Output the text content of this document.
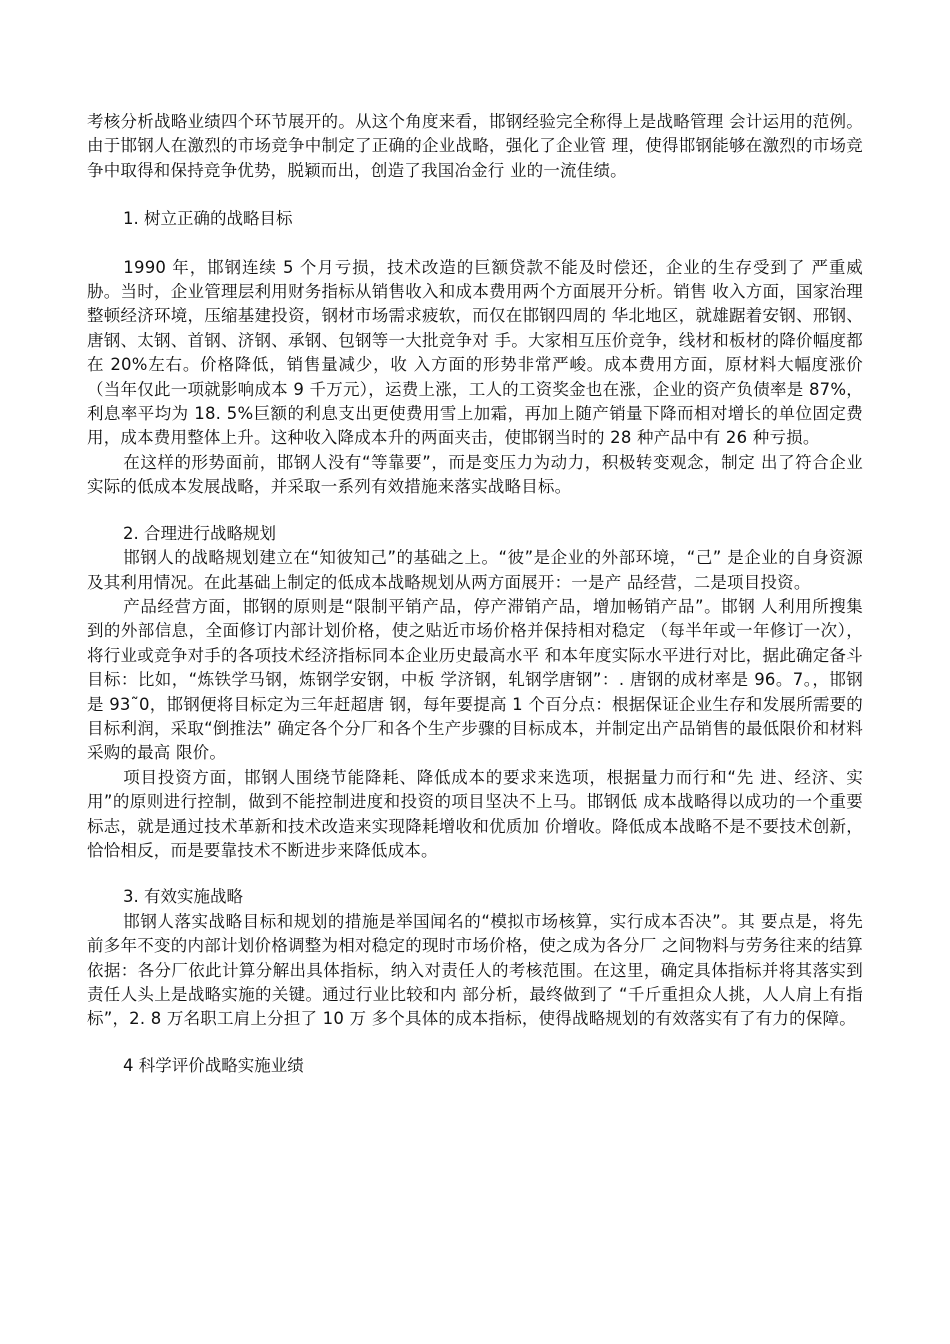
考核分析战略业绩四个环节展开的。从这个角度来看，邯钢经验完全称得上是战略管理 会计运用的范例。由于邯钢人在激烈的市场竞争中制定了正确的企业战略，强化了企业管 理，使得邯钢能够在激烈的市场竞争中取得和保持竞争优势，脱颖而出，创造了我国冶金行 业的一流佳绩。

1. 树立正确的战略目标

1990 年，邯钢连续 5 个月亏损，技术改造的巨额贷款不能及时偿还，企业的生存受到了 严重威胁。当时，企业管理层利用财务指标从销售收入和成本费用两个方面展开分析。销售 收入方面，国家治理整顿经济环境，压缩基建投资，钢材市场需求疲软，而仅在邯钢四周的 华北地区，就雄踞着安钢、邢钢、唐钢、太钢、首钢、济钢、承钢、包钢等一大批竞争对 手。大家相互压价竞争，线材和板材的降价幅度都在 20%左右。价格降低，销售量减少，收 入方面的形势非常严峻。成本费用方面，原材料大幅度涨价（当年仅此一项就影响成本 9 千万元），运费上涨，工人的工资奖金也在涨，企业的资产负债率是 87%，利息率平均为 18. 5%巨额的利息支出更使费用雪上加霜，再加上随产销量下降而相对增长的单位固定费用，成本费用整体上升。这种收入降成本升的两面夹击，使邯钢当时的 28 种产品中有 26 种亏损。

在这样的形势面前，邯钢人没有“等靠要”，而是变压力为动力，积极转变观念，制定 出了符合企业实际的低成本发展战略，并采取一系列有效措施来落实战略目标。

2. 合理进行战略规划

邯钢人的战略规划建立在“知彼知己”的基础之上。“彼”是企业的外部环境，“己” 是企业的自身资源及其利用情况。在此基础上制定的低成本战略规划从两方面展开：一是产 品经营，二是项目投资。

产品经营方面，邯钢的原则是“限制平销产品，停产滞销产品，增加畅销产品”。邯钢 人利用所搜集到的外部信息，全面修订内部计划价格，使之贴近市场价格并保持相对稳定 （每半年或一年修订一次），将行业或竞争对手的各项技术经济指标同本企业历史最高水平 和本年度实际水平进行对比，据此确定备斗目标：比如，“炼铁学马钢，炼钢学安钢，中板 学济钢，轧钢学唐钢”：. 唐钢的成材率是 96。7。，邯钢是 93˜0，邯钢便将目标定为三年赶超唐 钢，每年要提高 1 个百分点：根据保证企业生存和发展所需要的目标利润，采取“倒推法” 确定各个分厂和各个生产步骤的目标成本，并制定出产品销售的最低限价和材料采购的最高 限价。

项目投资方面，邯钢人围绕节能降耗、降低成本的要求来选项，根据量力而行和“先 进、经济、实用”的原则进行控制，做到不能控制进度和投资的项目坚决不上马。邯钢低 成本战略得以成功的一个重要标志，就是通过技术革新和技术改造来实现降耗增收和优质加 价增收。降低成本战略不是不要技术创新，恰恰相反，而是要靠技术不断进步来降低成本。

3. 有效实施战略

邯钢人落实战略目标和规划的措施是举国闻名的“模拟市场核算，实行成本否决”。其 要点是，将先前多年不变的内部计划价格调整为相对稳定的现时市场价格，使之成为各分厂 之间物料与劳务往来的结算依据：各分厂依此计算分解出具体指标，纳入对责任人的考核范围。在这里，确定具体指标并将其落实到责任人头上是战略实施的关键。通过行业比较和内 部分析，最终做到了 “千斤重担众人挑，人人肩上有指标”，2. 8 万名职工肩上分担了 10 万 多个具体的成本指标，使得战略规划的有效落实有了有力的保障。

4 科学评价战略实施业绩
